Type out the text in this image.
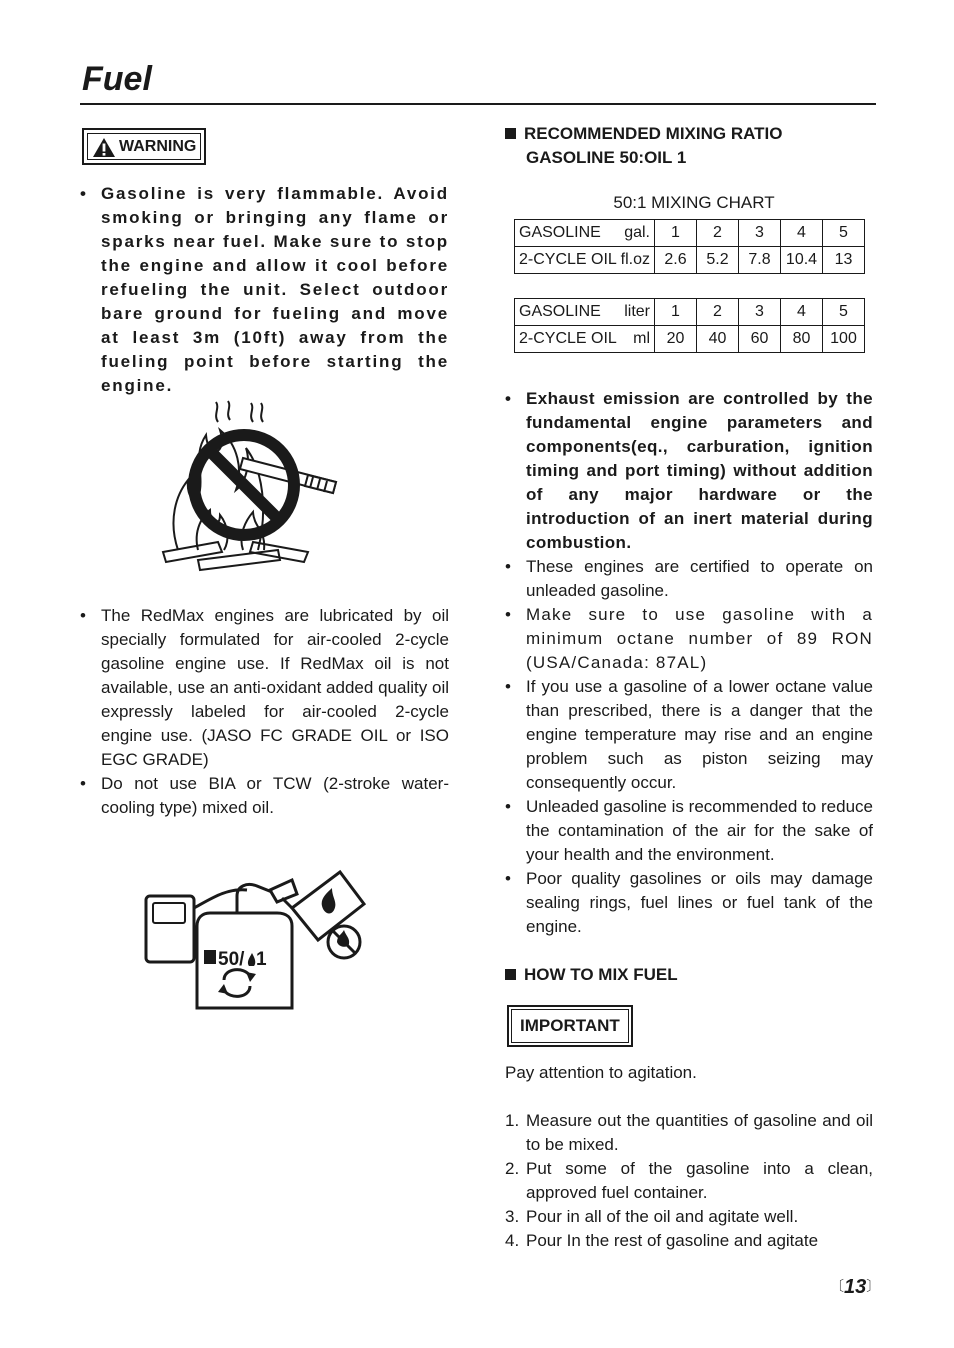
Fuel
WARNING
• Gasoline is very flammable. Avoid smoking or bringing any flame or sparks near fuel. Make sure to stop the engine and allow it cool before refueling the unit. Select outdoor bare ground for fueling and move at least 3m (10ft) away from the fueling point before starting the engine.
• The RedMax engines are lubricated by oil specially formulated for air-cooled 2-cycle gasoline engine use. If RedMax oil is not available, use an anti-oxidant added quality oil expressly labeled for air-cooled 2-cycle engine use. (JASO FC GRADE OIL or ISO EGC GRADE)
• Do not use BIA or TCW (2-stroke water-cooling type) mixed oil.
50/ 1
RECOMMENDED MIXING RATIO
GASOLINE 50:OIL 1
50:1 MIXING CHART
GASOLINE gal.	1	2	3	4	5
2-CYCLE OIL fl.oz	2.6	5.2	7.8	10.4	13
GASOLINE liter	1	2	3	4	5
2-CYCLE OIL ml	20	40	60	80	100
• Exhaust emission are controlled by the fundamental engine parameters and components(eq., carburation, ignition timing and port timing) without addition of any major hardware or the introduction of an inert material during combustion.
• These engines are certified to operate on unleaded gasoline.
• Make sure to use gasoline with a minimum octane number of 89 RON (USA/Canada: 87AL)
• If you use a gasoline of a lower octane value than prescribed, there is a danger that the engine temperature may rise and an engine problem such as piston seizing may consequently occur.
• Unleaded gasoline is recommended to reduce the contamination of the air for the sake of your health and the environment.
• Poor quality gasolines or oils may damage sealing rings, fuel lines or fuel tank of the engine.
HOW TO MIX FUEL
IMPORTANT
Pay attention to agitation.
1. Measure out the quantities of gasoline and oil to be mixed.
2. Put some of the gasoline into a clean, approved fuel container.
3. Pour in all of the oil and agitate well.
4. Pour In the rest of gasoline and agitate
〔13〕
